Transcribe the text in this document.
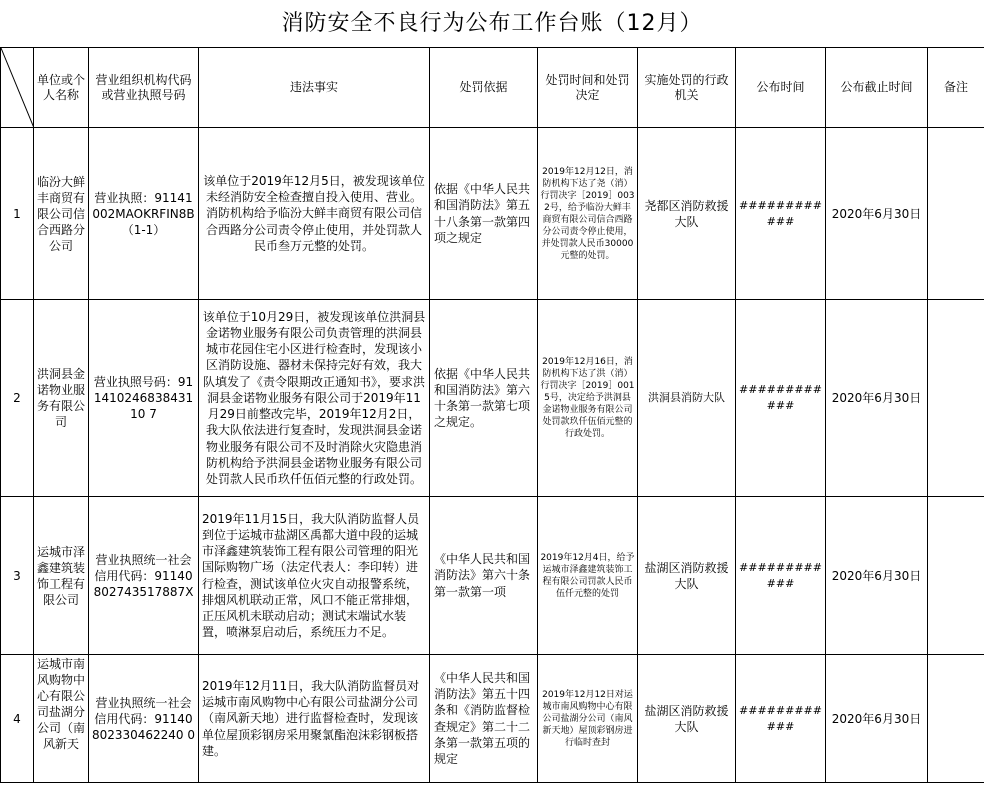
消防安全不良行为公布工作台账（12月）
	单位或个人名称	营业组织机构代码或营业执照号码	违法事实	处罚依据	处罚时间和处罚决定	实施处罚的行政机关	公布时间	公布截止时间	备注
1	临汾大鲜丰商贸有限公司信合西路分公司	营业执照：91141002MAOKRFIN8B（1-1）	该单位于2019年12月5日，被发现该单位未经消防安全检查擅自投入使用、营业。消防机构给予临汾大鲜丰商贸有限公司信合西路分公司责令停止使用，并处罚款人民币叁万元整的处罚。	依据《中华人民共和国消防法》第五十八条第一款第四项之规定	2019年12月12日，消防机构下达了尧（消）行罚决字［2019］0032号，给予临汾大鲜丰商贸有限公司信合西路分公司责令停止使用，并处罚款人民币30000元整的处罚。	尧都区消防救援大队	############	2020年6月30日	
2	洪洞县金诺物业服务有限公司	营业执照号码：91141024683843110 7	该单位于10月29日，被发现该单位洪洞县金诺物业服务有限公司负责管理的洪洞县城市花园住宅小区进行检查时，发现该小区消防设施、器材未保持完好有效，我大队填发了《责令限期改正通知书》，要求洪洞县金诺物业服务有限公司于2019年11月29日前整改完毕，2019年12月2日，我大队依法进行复查时，发现洪洞县金诺物业服务有限公司不及时消除火灾隐患消防机构给予洪洞县金诺物业服务有限公司处罚款人民币玖仟伍佰元整的行政处罚。	依据《中华人民共和国消防法》第六十条第一款第七项之规定。	2019年12月16日，消防机构下达了洪（消）行罚决字［2019］0015号，决定给予洪洞县金诺物业服务有限公司处罚款玖仟伍佰元整的行政处罚。	洪洞县消防大队	############	2020年6月30日	
3	运城市泽鑫建筑装饰工程有限公司	营业执照统一社会信用代码：91140802743517887X	2019年11月15日，我大队消防监督人员到位于运城市盐湖区禹都大道中段的运城市泽鑫建筑装饰工程有限公司管理的阳光国际购物广场（法定代表人：李印转）进行检查，测试该单位火灾自动报警系统，排烟风机联动正常，风口不能正常排烟，正压风机未联动启动；测试末端试水装置，喷淋泵启动后，系统压力不足。	《中华人民共和国消防法》第六十条第一款第一项	2019年12月4日，给予运城市泽鑫建筑装饰工程有限公司罚款人民币伍仟元整的处罚	盐湖区消防救援大队	############	2020年6月30日	
4	运城市南风购物中心有限公司盐湖分公司（南风新天	营业执照统一社会信用代码：91140802330462240 0	2019年12月11日，我大队消防监督员对运城市南风购物中心有限公司盐湖分公司（南风新天地）进行监督检查时，发现该单位屋顶彩钢房采用聚氯酯泡沫彩钢板搭建。	《中华人民共和国消防法》第五十四条和《消防监督检查规定》第二十二条第一款第五项的规定	2019年12月12日对运城市南风购物中心有限公司盐湖分公司（南风新天地）屋顶彩钢房进行临时查封	盐湖区消防救援大队	############	2020年6月30日	
